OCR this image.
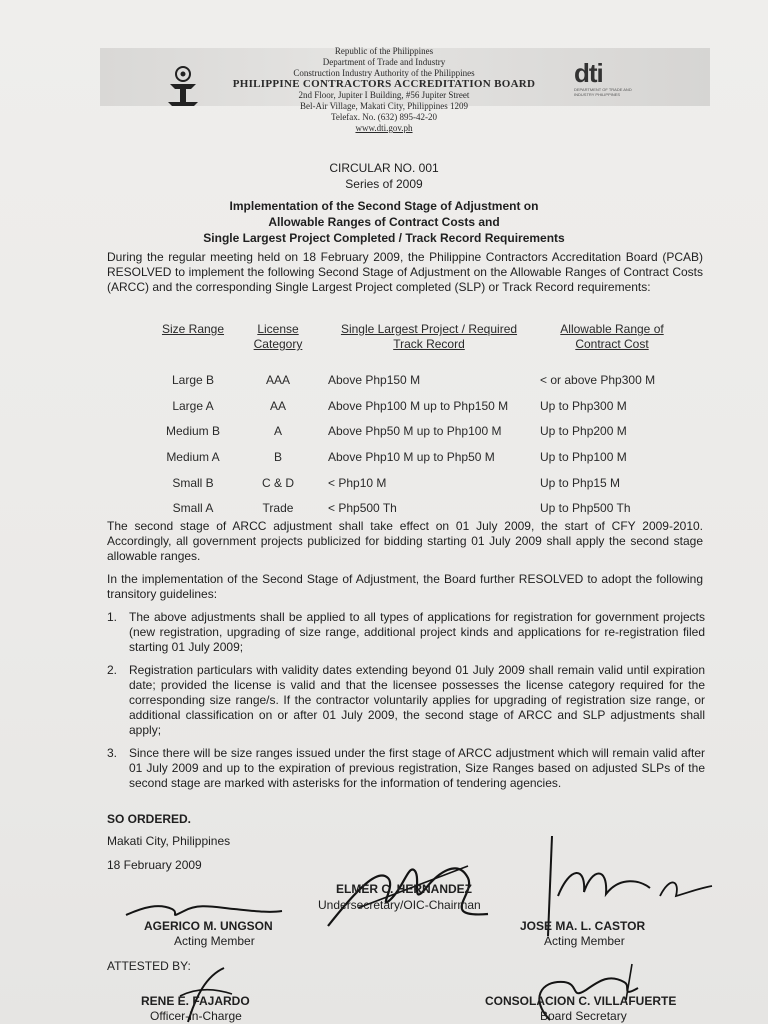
Republic of the Philippines
Department of Trade and Industry
Construction Industry Authority of the Philippines
PHILIPPINE CONTRACTORS ACCREDITATION BOARD
2nd Floor, Jupiter I Building, #56 Jupiter Street
Bel-Air Village, Makati City, Philippines 1209
Telefax. No. (632) 895-42-20
www.dti.gov.ph
dti
DEPARTMENT OF TRADE AND INDUSTRY PHILIPPINES
CIRCULAR NO. 001
Series of 2009
Implementation of the Second Stage of Adjustment on
Allowable Ranges of Contract Costs and
Single Largest Project Completed / Track Record Requirements
During the regular meeting held on 18 February 2009, the Philippine Contractors Accreditation Board (PCAB) RESOLVED to implement the following Second Stage of Adjustment on the Allowable Ranges of Contract Costs (ARCC) and the corresponding Single Largest Project completed (SLP) or Track Record requirements:
Size Range	License Category	Single Largest Project / Required Track Record	Allowable Range of Contract Cost
Large B	AAA	Above Php150 M	< or above Php300 M
Large A	AA	Above Php100 M up to Php150 M	Up to Php300 M
Medium B	A	Above Php50 M up to Php100 M	Up to Php200 M
Medium A	B	Above Php10 M up to Php50 M	Up to Php100 M
Small B	C & D	< Php10 M	Up to Php15 M
Small A	Trade	< Php500 Th	Up to Php500 Th
The second stage of ARCC adjustment shall take effect on 01 July 2009, the start of CFY 2009-2010. Accordingly, all government projects publicized for bidding starting 01 July 2009 shall apply the second stage allowable ranges.
In the implementation of the Second Stage of Adjustment, the Board further RESOLVED to adopt the following transitory guidelines:
1. The above adjustments shall be applied to all types of applications for registration for government projects (new registration, upgrading of size range, additional project kinds and applications for re-registration filed starting 01 July 2009;
2. Registration particulars with validity dates extending beyond 01 July 2009 shall remain valid until expiration date; provided the license is valid and that the licensee possesses the license category required for the corresponding size range/s. If the contractor voluntarily applies for upgrading of registration size range, or additional classification on or after 01 July 2009, the second stage of ARCC and SLP adjustments shall apply;
3. Since there will be size ranges issued under the first stage of ARCC adjustment which will remain valid after 01 July 2009 and up to the expiration of previous registration, Size Ranges based on adjusted SLPs of the second stage are marked with asterisks for the information of tendering agencies.
SO ORDERED.
Makati City, Philippines
18 February 2009
ELMER C. HERNANDEZ
Undersecretary/OIC-Chairman
AGERICO M. UNGSON
Acting Member
JOSE MA. L. CASTOR
Acting Member
ATTESTED BY:
RENE E. FAJARDO
Officer-in-Charge
CONSOLACION C. VILLAFUERTE
Board Secretary
